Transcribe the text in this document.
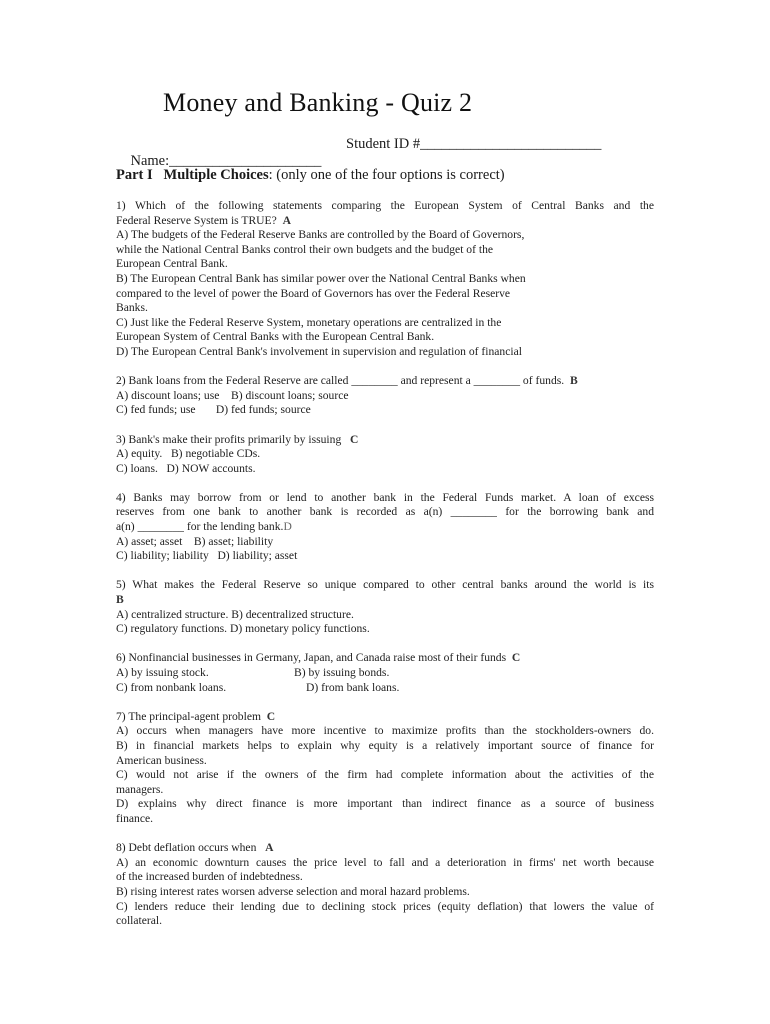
Money and Banking - Quiz 2

Name:_____________________

Student ID #_________________________

Part I Multiple Choices: (only one of the four options is correct)
1) Which of the following statements comparing the European System of Central Banks and the
Federal Reserve System is TRUE? A
A) The budgets of the Federal Reserve Banks are controlled by the Board of Governors,
while the National Central Banks control their own budgets and the budget of the
European Central Bank.
B) The European Central Bank has similar power over the National Central Banks when
compared to the level of power the Board of Governors has over the Federal Reserve
Banks.
C) Just like the Federal Reserve System, monetary operations are centralized in the
European System of Central Banks with the European Central Bank.
D) The European Central Bank's involvement in supervision and regulation of financial
2) Bank loans from the Federal Reserve are called ________ and represent a ________ of funds. B
A) discount loans; use    B) discount loans; source
C) fed funds; use       D) fed funds; source
3) Bank's make their profits primarily by issuing C
A) equity.   B) negotiable CDs.
C) loans.   D) NOW accounts.
4) Banks may borrow from or lend to another bank in the Federal Funds market. A loan of excess
reserves from one bank to another bank is recorded as a(n) ________ for the borrowing bank and
a(n) ________ for the lending bank.D
A) asset; asset    B) asset; liability
C) liability; liability   D) liability; asset
5) What makes the Federal Reserve so unique compared to other central banks around the world is its
B
A) centralized structure. B) decentralized structure.
C) regulatory functions. D) monetary policy functions.
6) Nonfinancial businesses in Germany, Japan, and Canada raise most of their funds C
A) by issuing stock.	B) by issuing bonds.
C) from nonbank loans.	D) from bank loans.
7) The principal-agent problem C
A) occurs when managers have more incentive to maximize profits than the stockholders-owners do.
B) in financial markets helps to explain why equity is a relatively important source of finance for
American business.
C) would not arise if the owners of the firm had complete information about the activities of the
managers.
D) explains why direct finance is more important than indirect finance as a source of business
finance.
8) Debt deflation occurs when A
A) an economic downturn causes the price level to fall and a deterioration in firms' net worth because
of the increased burden of indebtedness.
B) rising interest rates worsen adverse selection and moral hazard problems.
C) lenders reduce their lending due to declining stock prices (equity deflation) that lowers the value of
collateral.
